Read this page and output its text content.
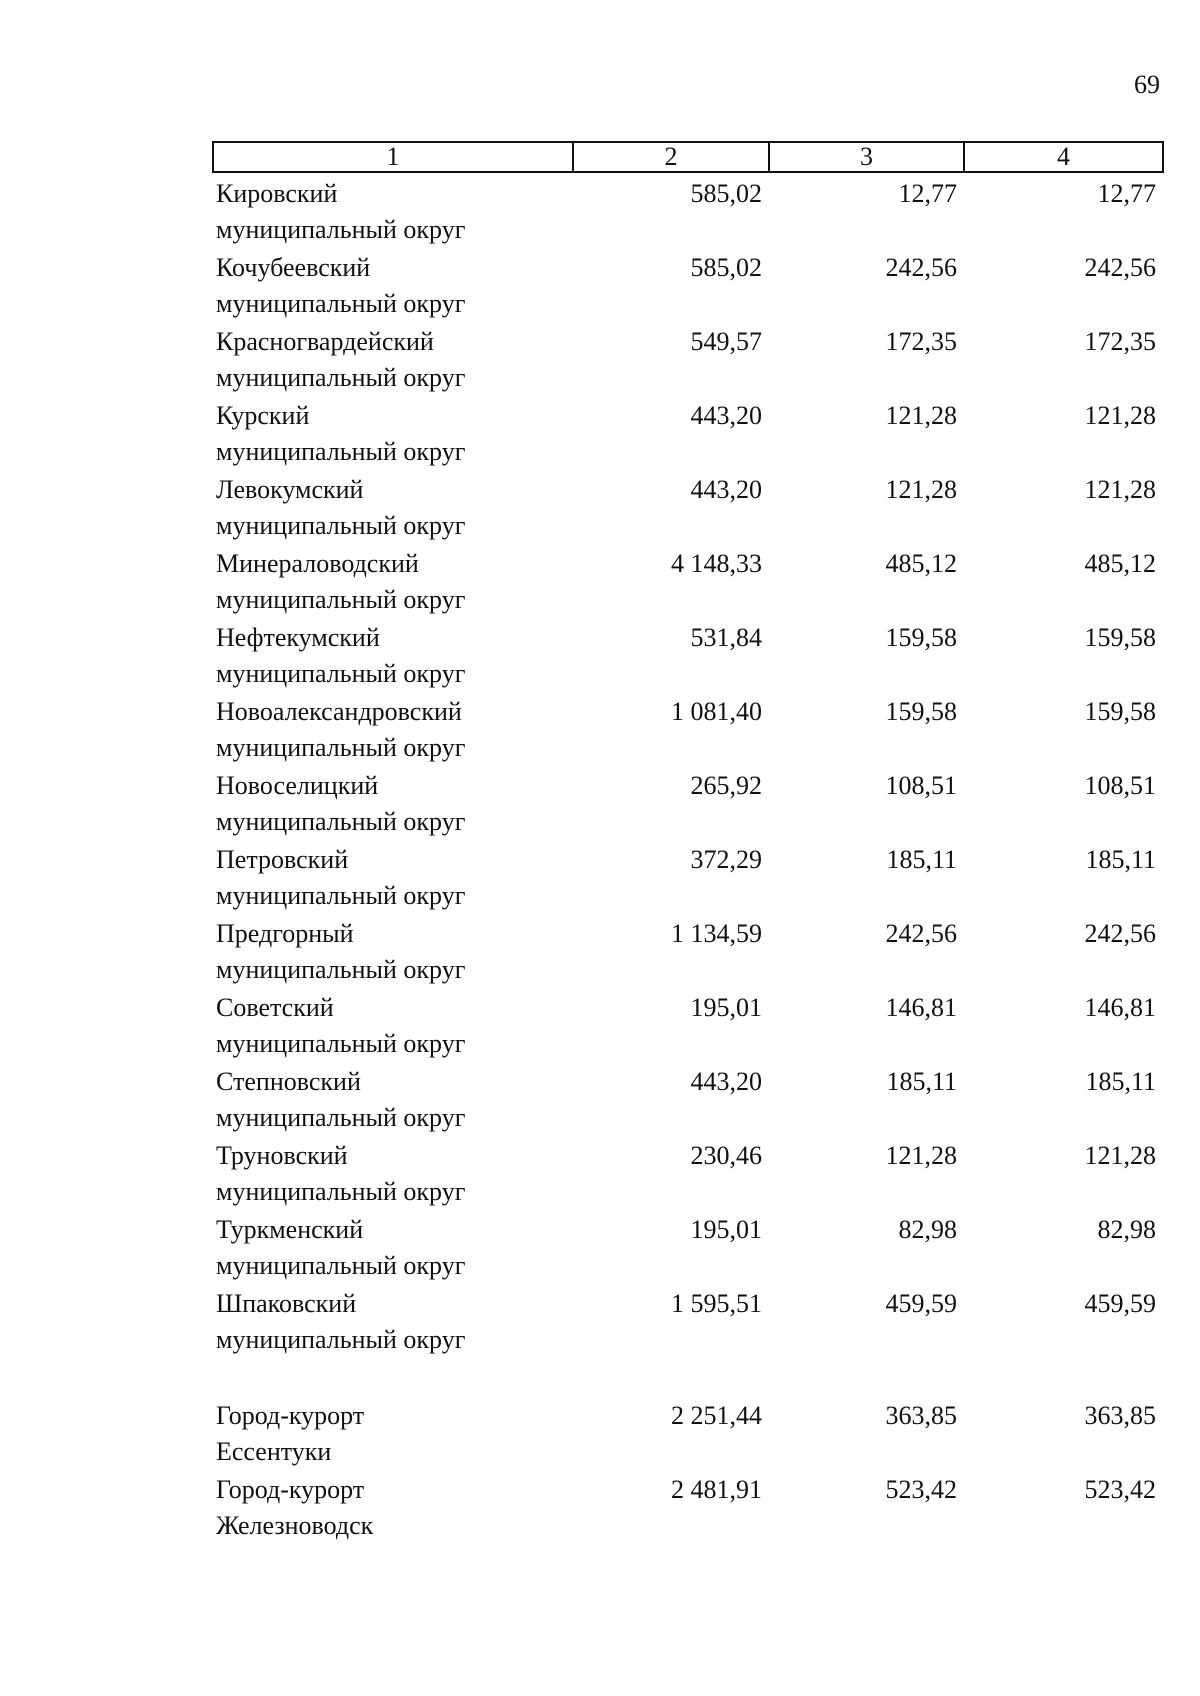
69
1	2	3	4
Кировский
муниципальный округ
585,02	12,77	12,77
Кочубеевский
муниципальный округ
585,02	242,56	242,56
Красногвардейский
муниципальный округ
549,57	172,35	172,35
Курский
муниципальный округ
443,20	121,28	121,28
Левокумский
муниципальный округ
443,20	121,28	121,28
Минераловодский
муниципальный округ
4 148,33	485,12	485,12
Нефтекумский
муниципальный округ
531,84	159,58	159,58
Новоалександровский
муниципальный округ
1 081,40	159,58	159,58
Новоселицкий
муниципальный округ
265,92	108,51	108,51
Петровский
муниципальный округ
372,29	185,11	185,11
Предгорный
муниципальный округ
1 134,59	242,56	242,56
Советский
муниципальный округ
195,01	146,81	146,81
Степновский
муниципальный округ
443,20	185,11	185,11
Труновский
муниципальный округ
230,46	121,28	121,28
Туркменский
муниципальный округ
195,01	82,98	82,98
Шпаковский
муниципальный округ
1 595,51	459,59	459,59
Город-курорт
Ессентуки
2 251,44	363,85	363,85
Город-курорт
Железноводск
2 481,91	523,42	523,42
